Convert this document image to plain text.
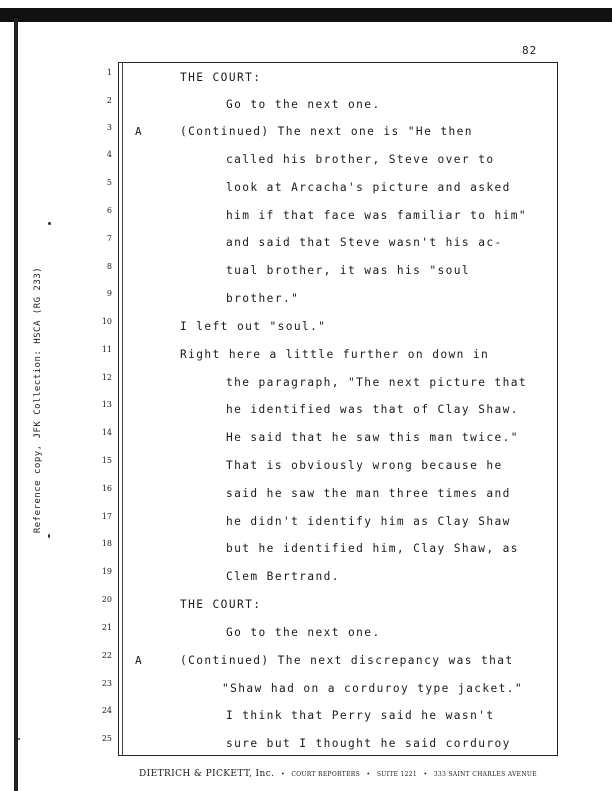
82
Reference copy, JFK Collection: HSCA (RG 233)
1	THE COURT:
2	Go to the next one.
3 A	(Continued) The next one is "He then
4	called his brother, Steve over to
5	look at Arcacha's picture and asked
6	him if that face was familiar to him"
7	and said that Steve wasn't his ac-
8	tual brother, it was his "soul
9	brother."
10	I left out "soul."
11	Right here a little further on down in
12	the paragraph, "The next picture that
13	he identified was that of Clay Shaw.
14	He said that he saw this man twice."
15	That is obviously wrong because he
16	said he saw the man three times and
17	he didn't identify him as Clay Shaw
18	but he identified him, Clay Shaw, as
19	Clem Bertrand.
20	THE COURT:
21	Go to the next one.
22 A	(Continued) The next discrepancy was that
23	"Shaw had on a corduroy type jacket."
24	I think that Perry said he wasn't
25	sure but I thought he said corduroy
DIETRICH & PICKETT, Inc. • COURT REPORTERS • SUITE 1221 • 333 SAINT CHARLES AVENUE
